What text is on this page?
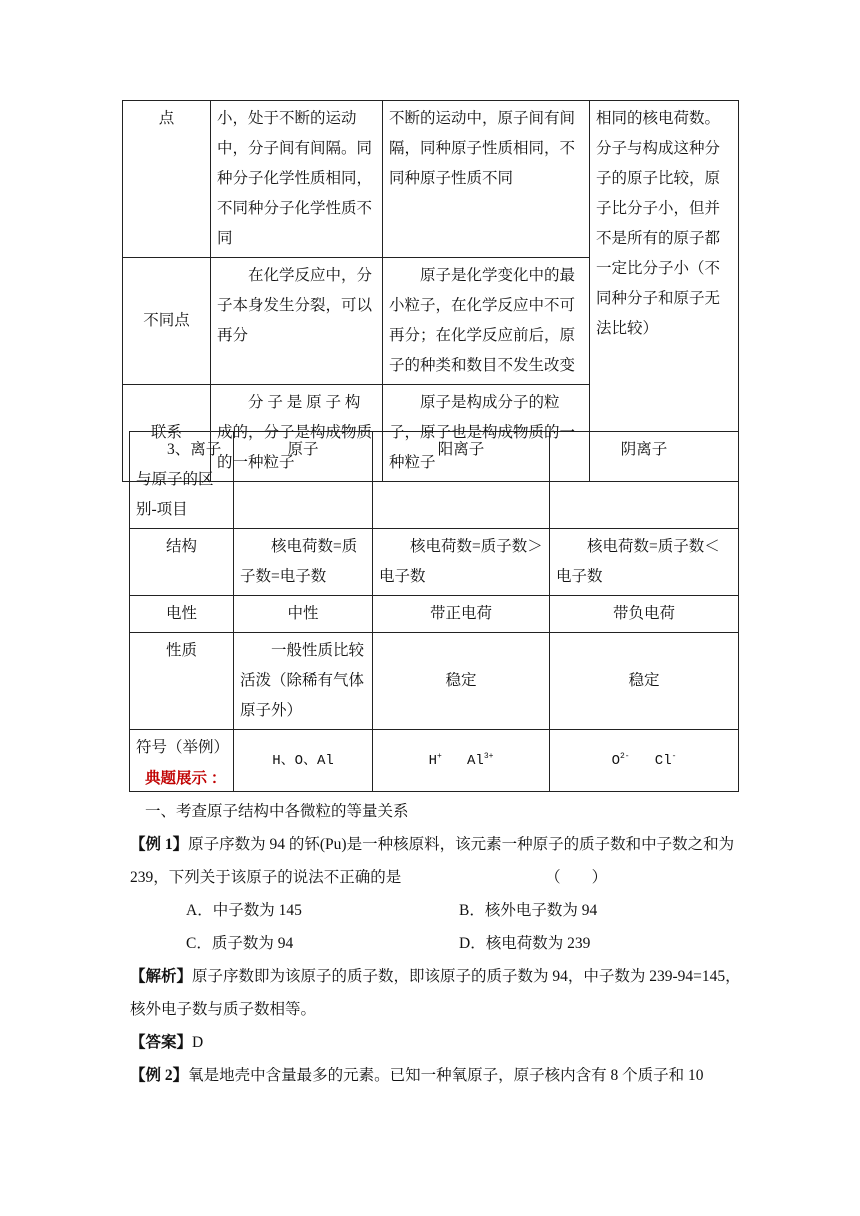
点	小，处于不断的运动中，分子间有间隔。同种分子化学性质相同，不同种分子化学性质不同	不断的运动中，原子间有间隔，同种原子性质相同，不同种原子性质不同	相同的核电荷数。分子与构成这种分子的原子比较，原子比分子小，但并不是所有的原子都一定比分子小（不同种分子和原子无法比较）
不同点	在化学反应中，分子本身发生分裂，可以再分	原子是化学变化中的最小粒子，在化学反应中不可再分；在化学反应前后，原子的种类和数目不发生改变	
联系	分 子 是 原 子 构 成的，分子是构成物质的一种粒子	原子是构成分子的粒子，原子也是构成物质的一种粒子	
3、离子与原子的区别-项目	原子	阳离子	阴离子
结构	核电荷数=质子数=电子数	核电荷数=质子数＞电子数	核电荷数=质子数＜电子数
电性	中性	带正电荷	带负电荷
性质	一般性质比较活泼（除稀有气体原子外）	稳定	稳定
符号（举例）	H、O、Al	H+ $Al^{3+}$	$O^{2-}$ Cl-

典题展示 ：

一、考查原子结构中各微粒的等量关系

【例 1】原子序数为 94 的钚(Pu)是一种核原料，该元素一种原子的质子数和中子数之和为 239，下列关于该原子的说法不正确的是	（　　）

A．中子数为 145	B．核外电子数为 94

C．质子数为 94	D．核电荷数为 239

【解析】原子序数即为该原子的质子数，即该原子的质子数为 94，中子数为 239-94=145，核外电子数与质子数相等。

【答案】D

【例 2】氧是地壳中含量最多的元素。已知一种氧原子，原子核内含有 8 个质子和 10
